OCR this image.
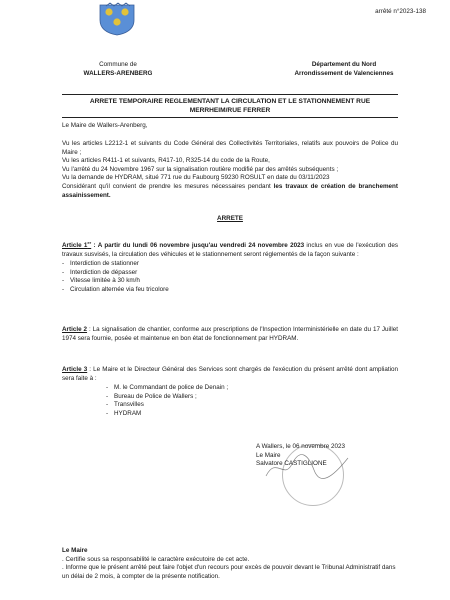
arrêté n°2023-138
Commune de
WALLERS-ARENBERG
Département du Nord
Arrondissement de Valenciennes
ARRETE TEMPORAIRE REGLEMENTANT LA CIRCULATION ET LE STATIONNEMENT RUE
MERRHEIM/RUE FERRER
Le Maire de Wallers-Arenberg,
Vu les articles L2212-1 et suivants du Code Général des Collectivités Territoriales, relatifs aux pouvoirs de Police du Maire ;
Vu les articles R411-1 et suivants, R417-10, R325-14 du code de la Route,
Vu l'arrêté du 24 Novembre 1967 sur la signalisation routière modifié par des arrêtés subséquents ;
Vu la demande de HYDRAM, situé 771 rue du Faubourg 59230 ROSULT en date du 03/11/2023
Considérant qu'il convient de prendre les mesures nécessaires pendant les travaux de création de branchement assainissement.
ARRETE
Article 1er : A partir du lundi 06 novembre jusqu'au vendredi 24 novembre 2023 inclus en vue de l'exécution des travaux susvisés, la circulation des véhicules et le stationnement seront réglementés de la façon suivante :
- Interdiction de stationner
- Interdiction de dépasser
- Vitesse limitée à 30 km/h
- Circulation alternée via feu tricolore
Article 2 : La signalisation de chantier, conforme aux prescriptions de l'Inspection Interministérielle en date du 17 Juillet 1974 sera fournie, posée et maintenue en bon état de fonctionnement par HYDRAM.
Article 3 : Le Maire et le Directeur Général des Services sont chargés de l'exécution du présent arrêté dont ampliation sera faite à :
- M. le Commandant de police de Denain ;
- Bureau de Police de Wallers ;
- Transvilles
- HYDRAM
A Wallers, le 06 novembre 2023
Le Maire
Salvatore CASTIGLIONE
Le Maire
. Certifie sous sa responsabilité le caractère exécutoire de cet acte.
. Informe que le présent arrêté peut faire l'objet d'un recours pour excès de pouvoir devant le Tribunal Administratif dans un délai de 2 mois, à compter de la présente notification.
